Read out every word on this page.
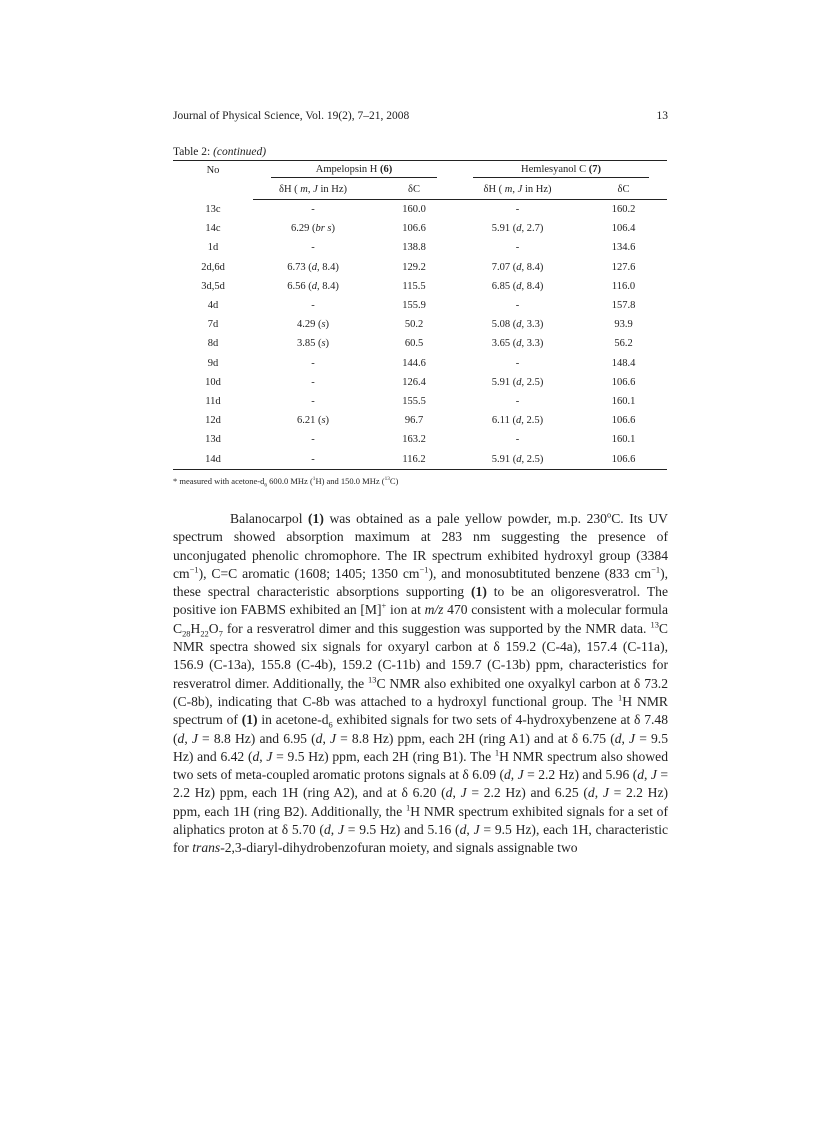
Journal of Physical Science, Vol. 19(2), 7–21, 2008	13
Table 2: (continued)
No	Ampelopsin H (6)		Hemlesyanol C (7)	

	δH ( m, J in Hz)	δC	δH ( m, J in Hz)	δC
13c	-	160.0	-	160.2
14c	6.29 (br s)	106.6	5.91 (d, 2.7)	106.4
1d	-	138.8	-	134.6
2d,6d	6.73 (d, 8.4)	129.2	7.07 (d, 8.4)	127.6
3d,5d	6.56 (d, 8.4)	115.5	6.85 (d, 8.4)	116.0
4d	-	155.9	-	157.8
7d	4.29 (s)	50.2	5.08 (d, 3.3)	93.9
8d	3.85 (s)	60.5	3.65 (d, 3.3)	56.2
9d	-	144.6	-	148.4
10d	-	126.4	5.91 (d, 2.5)	106.6
11d	-	155.5	-	160.1
12d	6.21 (s)	96.7	6.11 (d, 2.5)	106.6
13d	-	163.2	-	160.1
14d	-	116.2	5.91 (d, 2.5)	106.6
* measured with acetone-$d_6$ 600.0 MHz ($^1$H) and 150.0 MHz ($^{13}$C)

Balanocarpol (1) was obtained as a pale yellow powder, m.p. 230$^o$C. Its UV spectrum showed absorption maximum at 283 nm suggesting the presence of unconjugated phenolic chromophore. The IR spectrum exhibited hydroxyl group (3384 $cm^{-1}$), C=C aromatic (1608; 1405; 1350 $cm^{-1}$), and monosubtituted benzene (833 $cm^{-1}$), these spectral characteristic absorptions supporting (1) to be an oligoresveratrol. The positive ion FABMS exhibited an [M]+ ion at m/z 470 consistent with a molecular formula $C_{28}H_{22}O_7$ for a resveratrol dimer and this suggestion was supported by the NMR data. $^{13}$C NMR spectra showed six signals for oxyaryl carbon at δ 159.2 (C-4a), 157.4 (C-11a), 156.9 (C-13a), 155.8 (C-4b), 159.2 (C-11b) and 159.7 (C-13b) ppm, characteristics for resveratrol dimer. Additionally, the $^{13}$C NMR also exhibited one oxyalkyl carbon at δ 73.2 (C-8b), indicating that C-8b was attached to a hydroxyl functional group. The $^1$H NMR spectrum of (1) in acetone-$d_6$ exhibited signals for two sets of 4-hydroxybenzene at δ 7.48 (d, J = 8.8 Hz) and 6.95 (d, J = 8.8 Hz) ppm, each 2H (ring A1) and at δ 6.75 (d, J = 9.5 Hz) and 6.42 (d, J = 9.5 Hz) ppm, each 2H (ring B1). The $^1$H NMR spectrum also showed two sets of meta-coupled aromatic protons signals at δ 6.09 (d, J = 2.2 Hz) and 5.96 (d, J = 2.2 Hz) ppm, each 1H (ring A2), and at δ 6.20 (d, J = 2.2 Hz) and 6.25 (d, J = 2.2 Hz) ppm, each 1H (ring B2). Additionally, the $^1$H NMR spectrum exhibited signals for a set of aliphatics proton at δ 5.70 (d, J = 9.5 Hz) and 5.16 (d, J = 9.5 Hz), each 1H, characteristic for trans-2,3-diaryl-dihydrobenzofuran moiety, and signals assignable two
